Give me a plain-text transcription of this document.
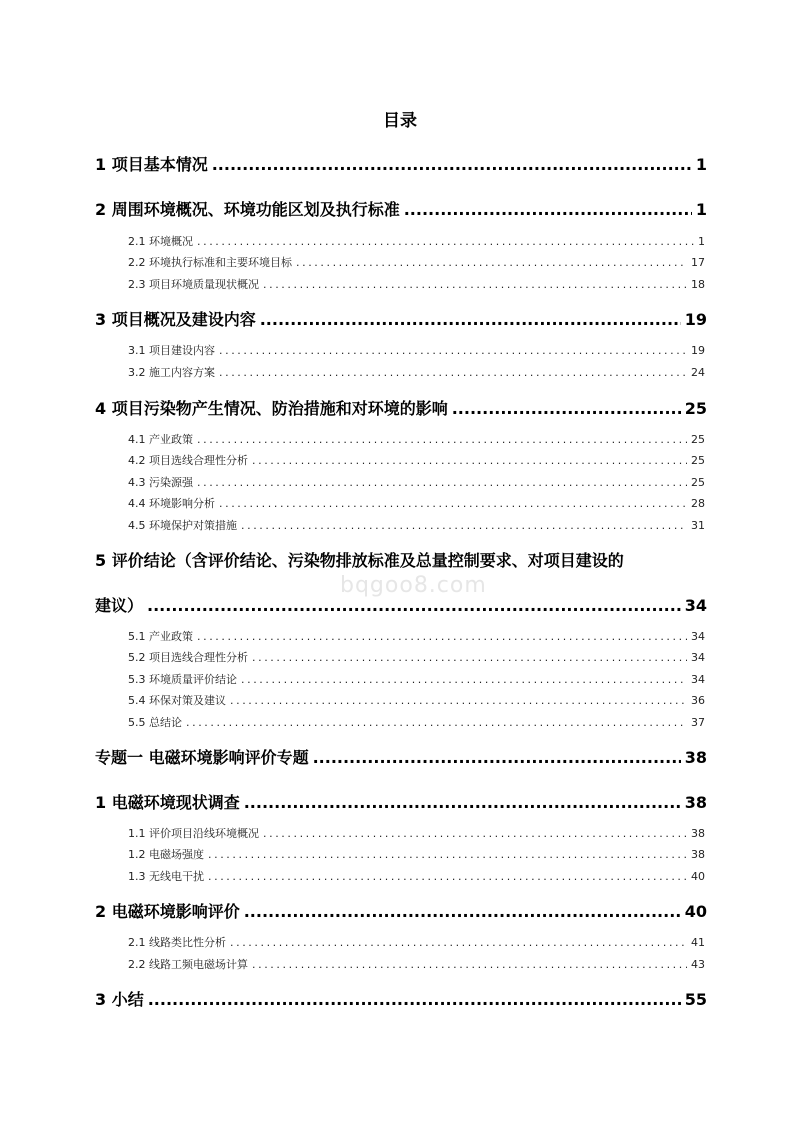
目录
bqgoo8.com
1 项目基本情况 .....	1
2 周围环境概况、环境功能区划及执行标准 .....	1
2.1 环境概况 .....	1
2.2 环境执行标准和主要环境目标 .....	17
2.3 项目环境质量现状概况 .....	18
3 项目概况及建设内容 .....	19
3.1 项目建设内容 .....	19
3.2 施工内容方案 .....	24
4 项目污染物产生情况、防治措施和对环境的影响 .....	25
4.1 产业政策 .....	25
4.2 项目选线合理性分析 .....	25
4.3 污染源强 .....	25
4.4 环境影响分析 .....	28
4.5 环境保护对策措施 .....	31
5 评价结论（含评价结论、污染物排放标准及总量控制要求、对项目建设的
建议） .....	34
5.1 产业政策 .....	34
5.2 项目选线合理性分析 .....	34
5.3 环境质量评价结论 .....	34
5.4 环保对策及建议 .....	36
5.5 总结论 .....	37
专题一 电磁环境影响评价专题 .....	38
1 电磁环境现状调查 .....	38
1.1 评价项目沿线环境概况 .....	38
1.2 电磁场强度 .....	38
1.3 无线电干扰 .....	40
2 电磁环境影响评价 .....	40
2.1 线路类比性分析 .....	41
2.2 线路工频电磁场计算 .....	43
3 小结 .....	55
